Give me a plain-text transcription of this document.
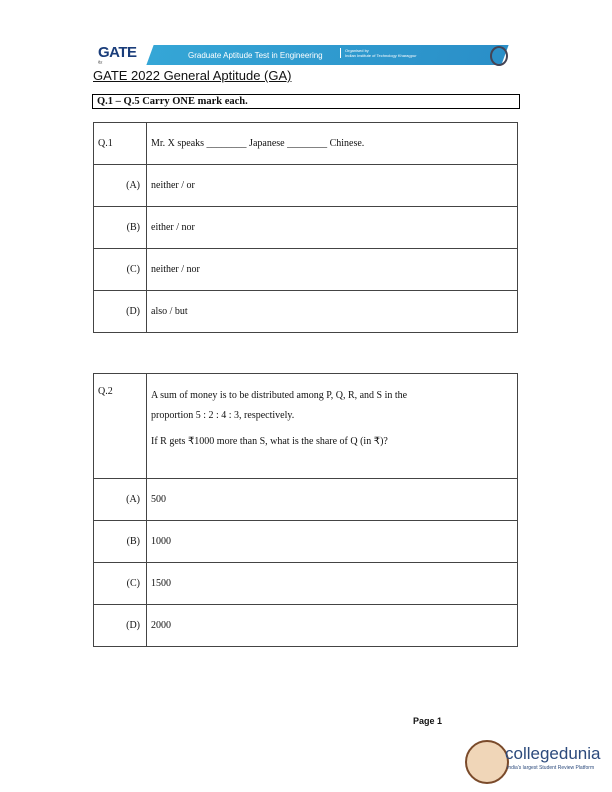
GATE
गेट
Graduate Aptitude Test in Engineering
Organised by
Indian Institute of Technology Kharagpur
GATE 2022 General Aptitude (GA)
Q.1 – Q.5 Carry ONE mark each.
Q.1	Mr. X speaks ________ Japanese ________ Chinese.
(A)	neither / or
(B)	either / nor
(C)	neither / nor
(D)	also / but
Q.2	A sum of money is to be distributed among P, Q, R, and S in the proportion 5 : 2 : 4 : 3, respectively.
If R gets ₹1000 more than S, what is the share of Q (in ₹)?

(A)	500
(B)	1000
(C)	1500
(D)	2000
Page 1
collegedunia
India's largest Student Review Platform
